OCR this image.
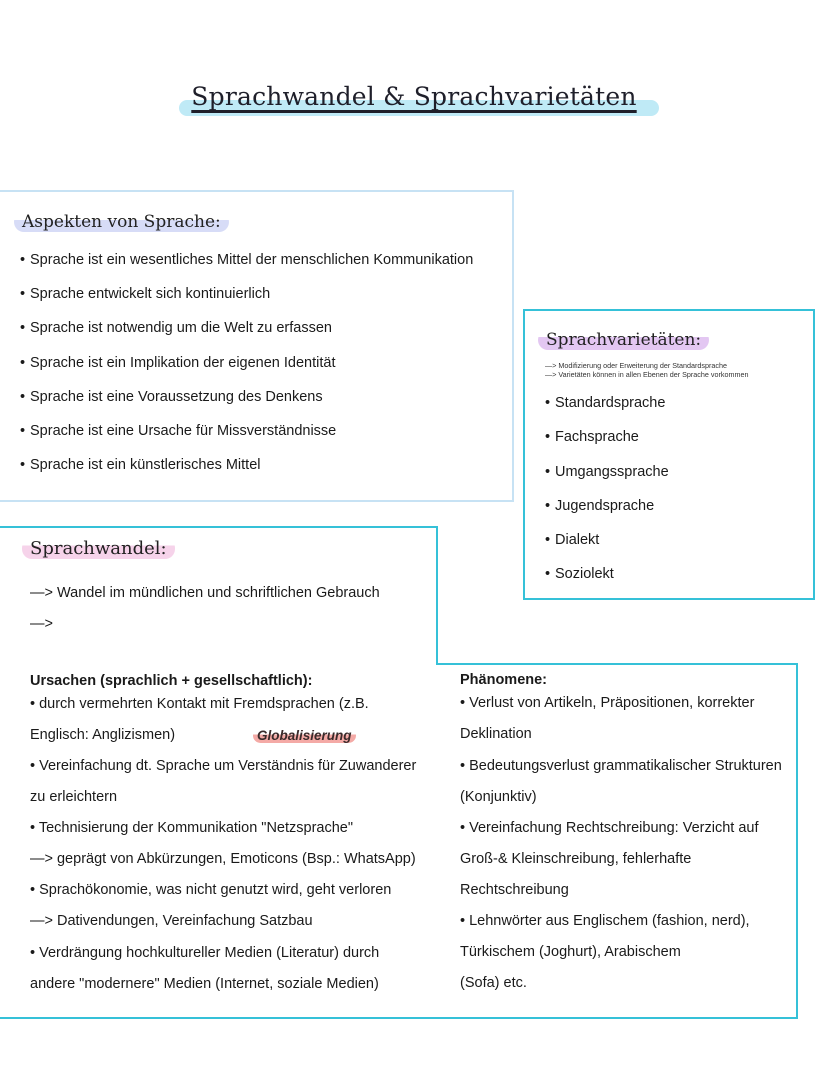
Sprachwandel & Sprachvarietäten
Aspekten von Sprache:
• Sprache ist ein wesentliches Mittel der menschlichen Kommunikation
• Sprache entwickelt sich kontinuierlich
• Sprache ist notwendig um die Welt zu erfassen
• Sprache ist ein Implikation der eigenen Identität
• Sprache ist eine Voraussetzung des Denkens
• Sprache ist eine Ursache für Missverständnisse
• Sprache ist ein künstlerisches Mittel
Sprachvarietäten:
—> Modifizierung oder Erweiterung der Standardsprache
—> Varietäten können in allen Ebenen der Sprache vorkommen
• Standardsprache
• Fachsprache
• Umgangssprache
• Jugendsprache
• Dialekt
• Soziolekt
Sprachwandel:
—> Wandel im mündlichen und schriftlichen Gebrauch
—>
Ursachen (sprachlich + gesellschaftlich):
• durch vermehrten Kontakt mit Fremdsprachen (z.B.
Englisch: Anglizismen)
• Vereinfachung dt. Sprache um Verständnis für Zuwanderer
zu erleichtern
• Technisierung der Kommunikation "Netzsprache"
—> geprägt von Abkürzungen, Emoticons (Bsp.: WhatsApp)
• Sprachökonomie, was nicht genutzt wird, geht verloren
—> Dativendungen, Vereinfachung Satzbau
• Verdrängung hochkultureller Medien (Literatur) durch
andere "modernere" Medien (Internet, soziale Medien)
Globalisierung
Phänomene:
• Verlust von Artikeln, Präpositionen, korrekter
Deklination
• Bedeutungsverlust grammatikalischer Strukturen
(Konjunktiv)
• Vereinfachung Rechtschreibung: Verzicht auf
Groß-& Kleinschreibung, fehlerhafte
Rechtschreibung
• Lehnwörter aus Englischem (fashion, nerd),
Türkischem (Joghurt), Arabischem
(Sofa) etc.
